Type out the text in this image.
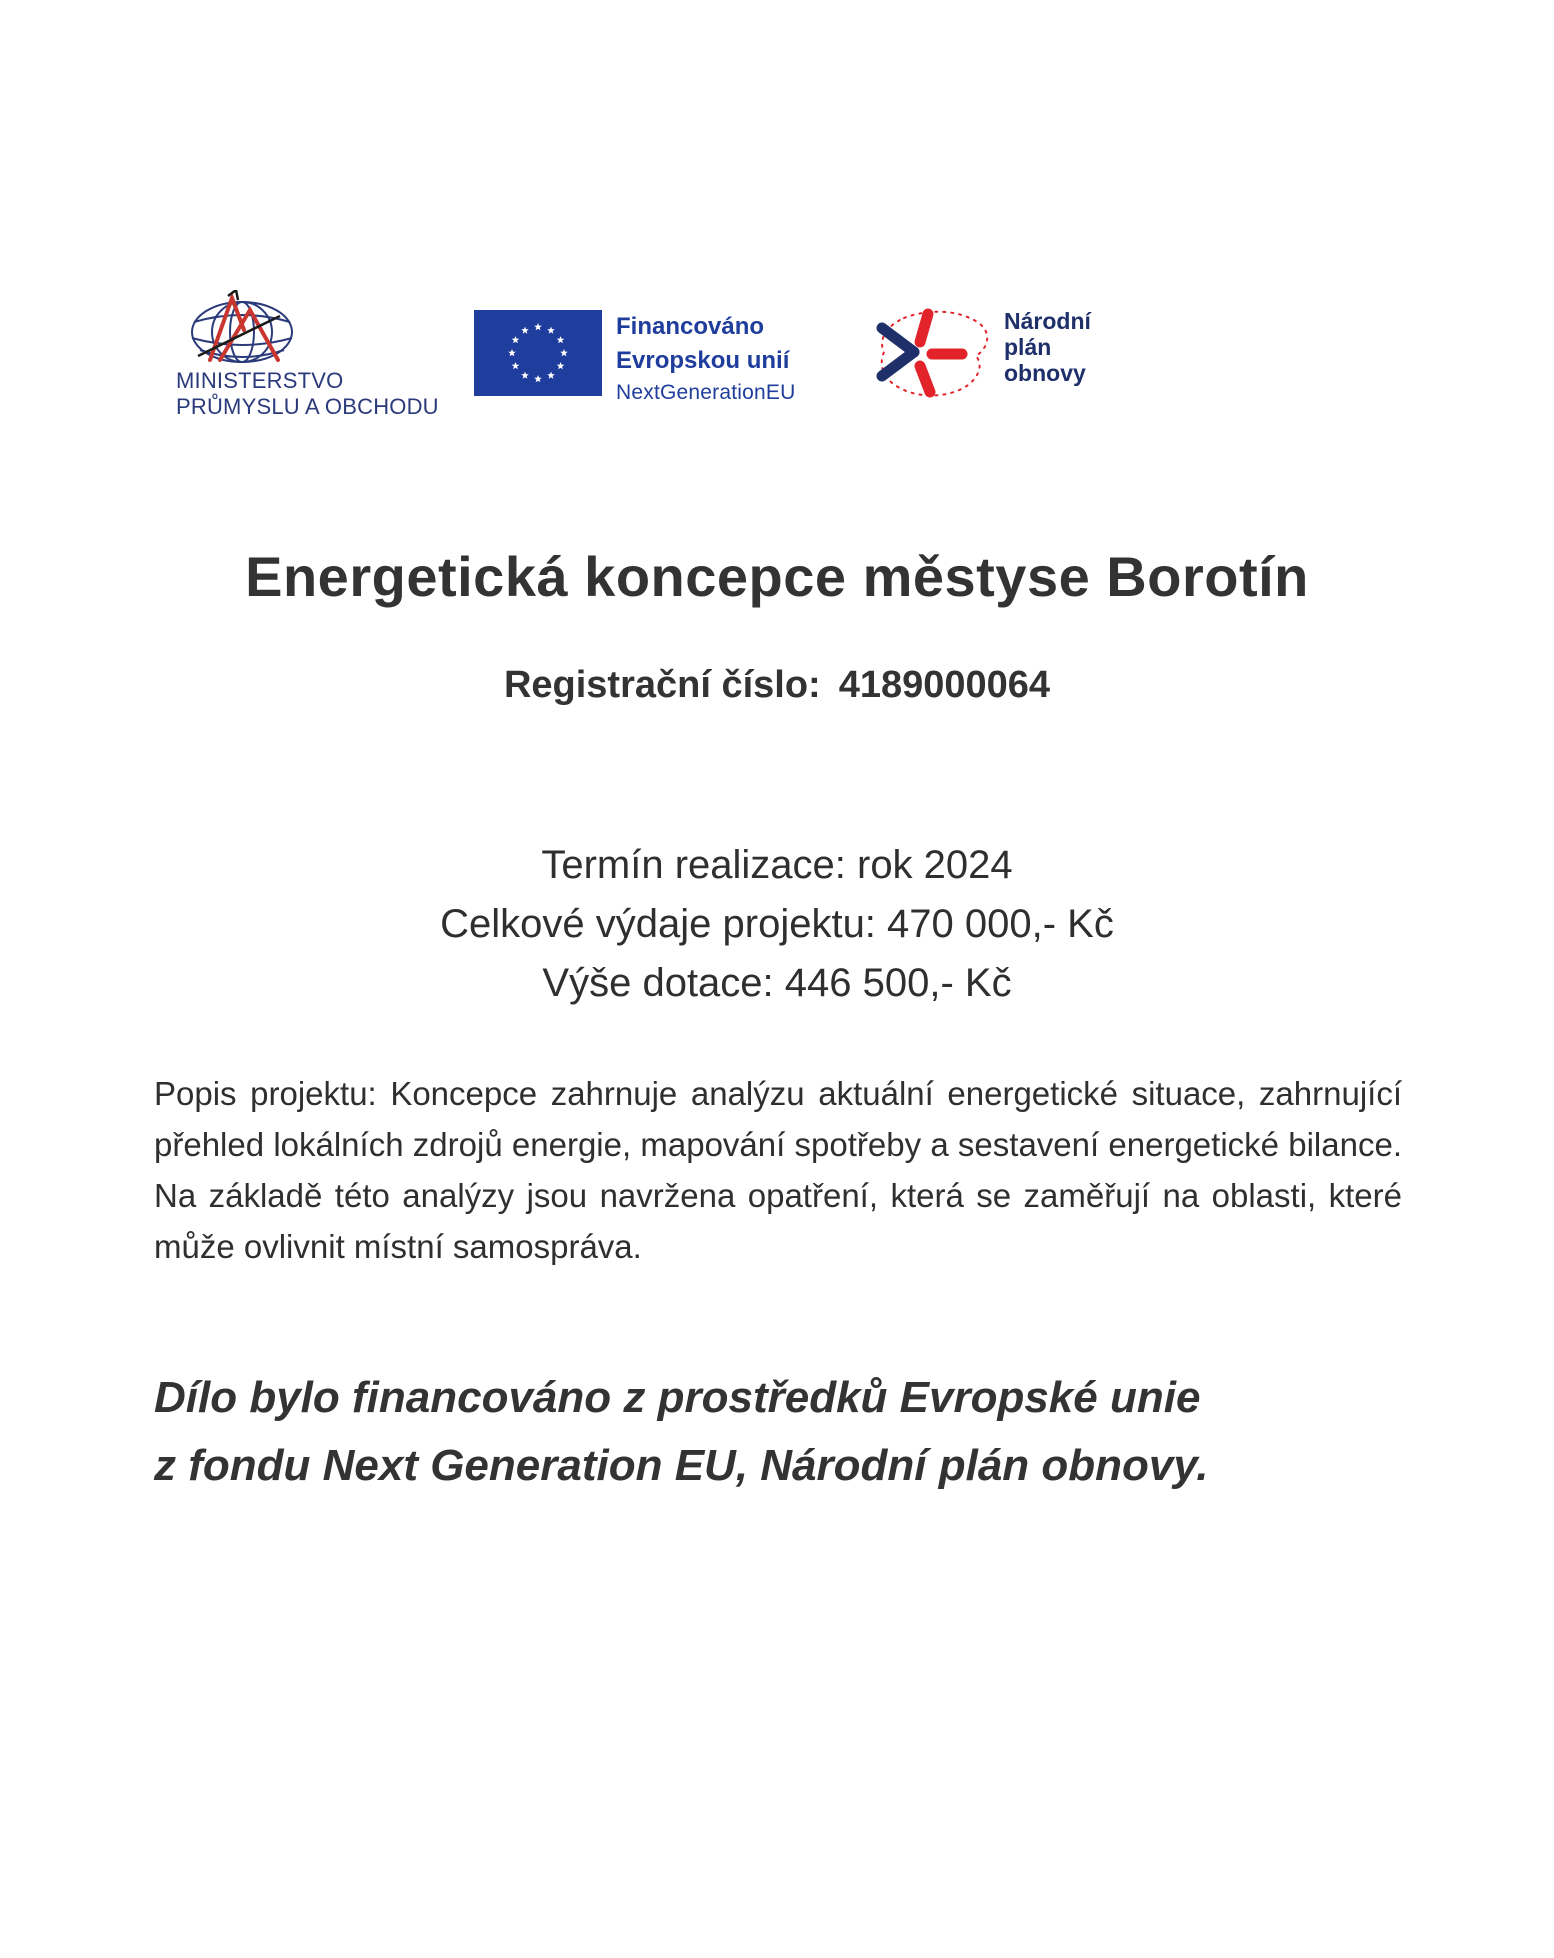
MINISTERSTVO
PRŮMYSLU A OBCHODU
Financováno
Evropskou unií
NextGenerationEU
Národní
plán
obnovy
Energetická koncepce městyse Borotín
Registrační číslo: 4189000064
Termín realizace: rok 2024
Celkové výdaje projektu: 470 000,- Kč
Výše dotace: 446 500,- Kč

Popis projektu: Koncepce zahrnuje analýzu aktuální energetické situace, zahrnující přehled lokálních zdrojů energie, mapování spotřeby a sestavení energetické bilance. Na základě této analýzy jsou navržena opatření, která se zaměřují na oblasti, které může ovlivnit místní samospráva.

Dílo bylo financováno z prostředků Evropské unie
z fondu Next Generation EU, Národní plán obnovy.
